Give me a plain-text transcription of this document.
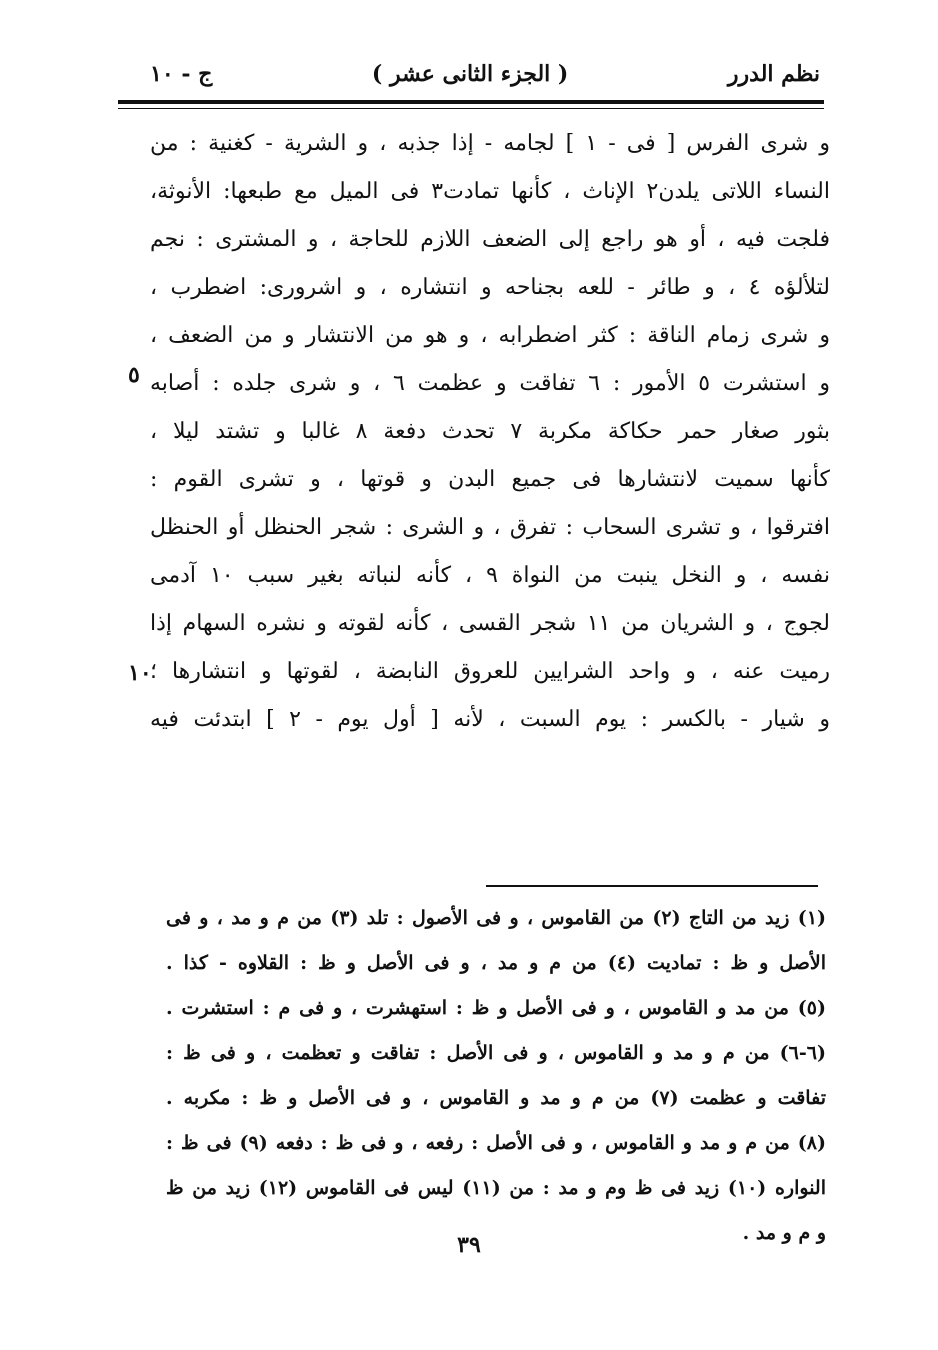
نظم الدرر
( الجزء الثانى عشر )
ج - ١٠
و شرى الفرس [ فى - ١ ] لجامه - إذا جذبه ، و الشرية - كغنية : من
النساء اللاتى يلدن٢ الإناث ، كأنها تمادت٣ فى الميل مع طبعها: الأنوثة،
فلجت فيه ، أو هو راجع إلى الضعف اللازم للحاجة ، و المشترى : نجم
لتلألؤه ٤ ، و طائر - للعه بجناحه و انتشاره ، و اشرورى: اضطرب ،
و شرى زمام الناقة : كثر اضطرابه ، و هو من الانتشار و من الضعف ،
و استشرت ٥ الأمور : ٦ تفاقت و عظمت ٦ ، و شرى جلده : أصابه
بثور صغار حمر حكاكة مكربة ٧ تحدث دفعة ٨ غالبا و تشتد ليلا ،
كأنها سميت لانتشارها فى جميع البدن و قوتها ، و تشرى القوم :
افترقوا ، و تشرى السحاب : تفرق ، و الشرى : شجر الحنظل أو الحنظل
نفسه ، و النخل ينبت من النواة ٩ ، كأنه لنباته بغير سبب ١٠ آدمى
لجوج ، و الشريان من ١١ شجر القسى ، كأنه لقوته و نشره السهام إذا
رميت عنه ، و واحد الشرايين للعروق النابضة ، لقوتها و انتشارها ؛
و شيار - بالكسر : يوم السبت ، لأنه [ أول يوم - ٢ ] ابتدئت فيه
٥
١٠
(١) زيد من التاج (٢) من القاموس ، و فى الأصول : تلد (٣) من م و مد ، و فى
الأصل و ظ : تماديت (٤) من م و مد ، و فى الأصل و ظ : القلاوه - كذا .
(٥) من مد و القاموس ، و فى الأصل و ظ : استهشرت ، و فى م : استشرت .
(٦-٦) من م و مد و القاموس ، و فى الأصل : تفاقت و تعظمت ، و فى ظ :
تفاقت و عظمت (٧) من م و مد و القاموس ، و فى الأصل و ظ : مكربه .
(٨) من م و مد و القاموس ، و فى الأصل : رفعه ، و فى ظ : دفعه (٩) فى ظ :
النواره (١٠) زيد فى ظ وم و مد : من (١١) ليس فى القاموس (١٢) زيد من ظ
و م و مد .
٣٩
